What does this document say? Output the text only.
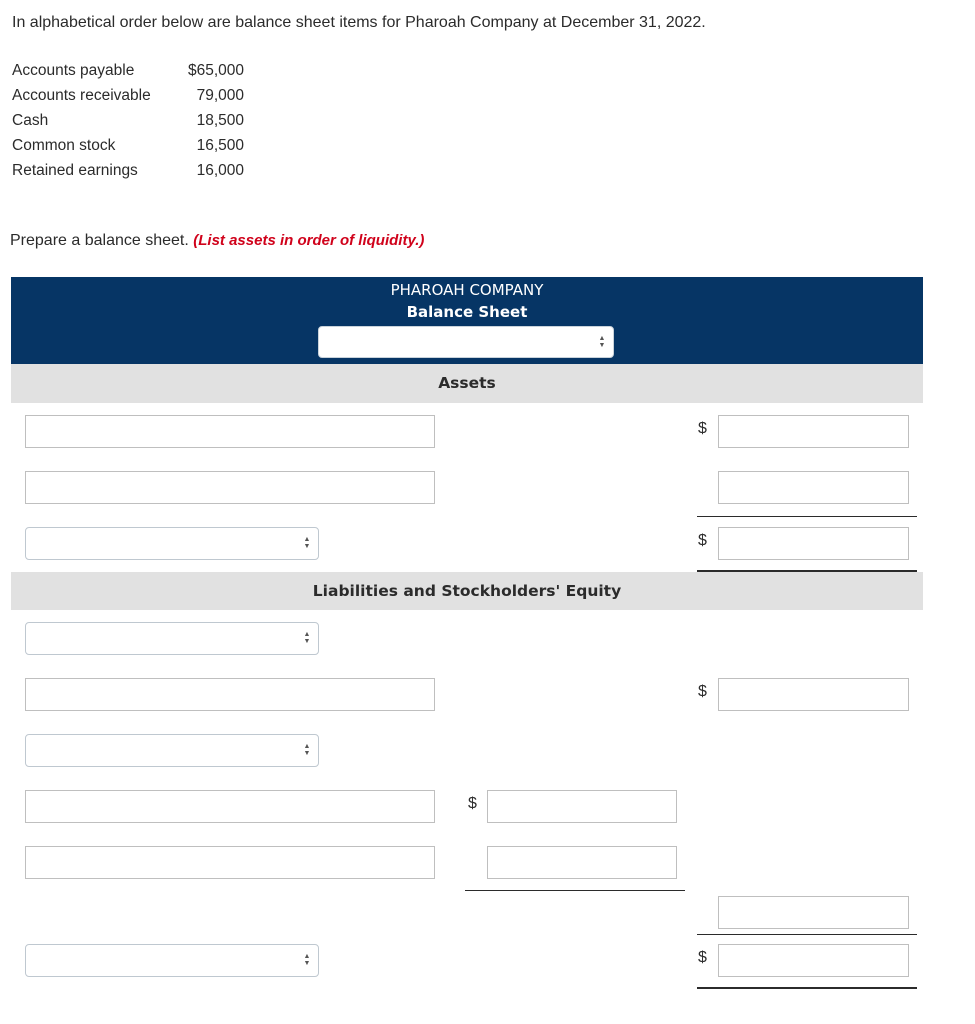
In alphabetical order below are balance sheet items for Pharoah Company at December 31, 2022.
Accounts payable	$65,000
Accounts receivable	79,000
Cash	18,500
Common stock	16,500
Retained earnings	16,000
Prepare a balance sheet. (List assets in order of liquidity.)
PHAROAH COMPANY
Balance Sheet
▲
▼
Assets
$
▲
▼	$
Liabilities and Stockholders' Equity
▲
▼
$
▲
▼
$
▲
▼	$
